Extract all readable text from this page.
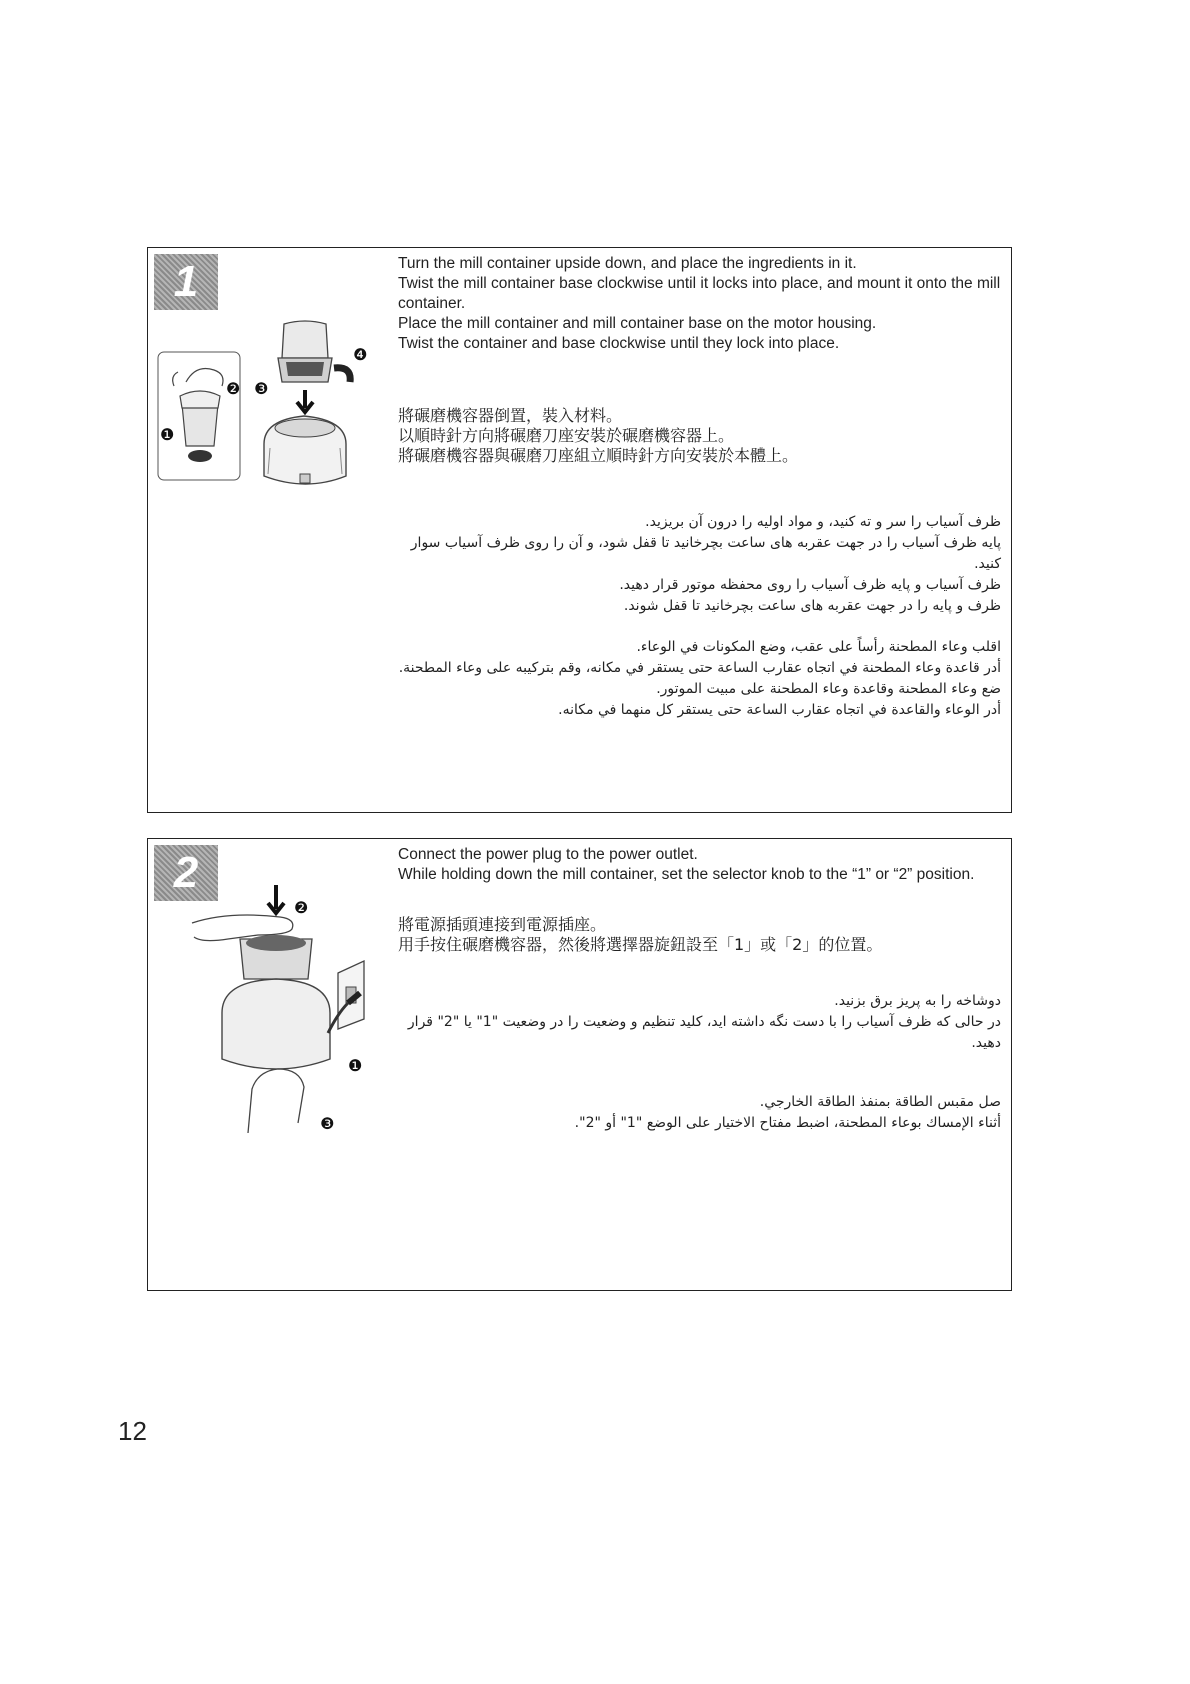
1
❹
❸
❷
❶

Turn the mill container upside down, and place the ingredients in it.

Twist the mill container base clockwise until it locks into place, and mount it onto the mill container.

Place the mill container and mill container base on the motor housing.

Twist the container and base clockwise until they lock into place.

將碾磨機容器倒置，裝入材料。

以順時針方向將碾磨刀座安裝於碾磨機容器上。

將碾磨機容器與碾磨刀座組立順時針方向安裝於本體上。

ظرف آسیاب را سر و ته کنید، و مواد اولیه را درون آن بریزید.

پایه ظرف آسیاب را در جهت عقربه های ساعت بچرخانید تا قفل شود، و آن را روی ظرف آسیاب سوار کنید.

ظرف آسیاب و پایه ظرف آسیاب را روی محفظه موتور قرار دهید.

ظرف و پایه را در جهت عقربه های ساعت بچرخانید تا قفل شوند.

اقلب وعاء المطحنة رأساً على عقب، وضع المكونات في الوعاء.

أدر قاعدة وعاء المطحنة في اتجاه عقارب الساعة حتى يستقر في مكانه، وقم بتركيبه على وعاء المطحنة.

ضع وعاء المطحنة وقاعدة وعاء المطحنة على مبيت الموتور.

أدر الوعاء والقاعدة في اتجاه عقارب الساعة حتى يستقر كل منهما في مكانه.

2
❷
❶
❸

Connect the power plug to the power outlet.

While holding down the mill container, set the selector knob to the “1” or “2” position.

將電源插頭連接到電源插座。

用手按住碾磨機容器，然後將選擇器旋鈕設至「1」或「2」的位置。

دوشاخه را به پریز برق بزنید.

در حالی که ظرف آسیاب را با دست نگه داشته اید، کلید تنظیم و وضعیت را در وضعیت "1" یا "2" قرار دهید.

صل مقبس الطاقة بمنفذ الطاقة الخارجي.

أثناء الإمساك بوعاء المطحنة، اضبط مفتاح الاختيار على الوضع "1" أو "2".

12
